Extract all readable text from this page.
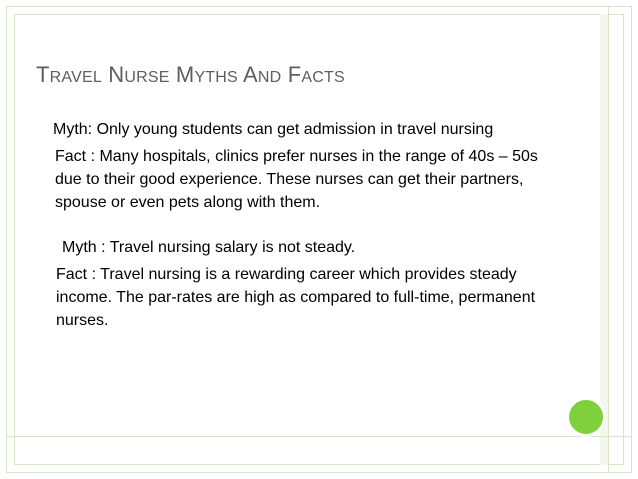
TRAVEL NURSE MYTHS AND FACTS

Myth: Only young students can get admission in travel nursing

Fact : Many hospitals, clinics prefer nurses in the range of 40s – 50s due to their good experience. These nurses can get their partners, spouse or even pets along with them.

Myth : Travel nursing salary is not steady.

Fact : Travel nursing is a rewarding career which provides steady income. The par-rates are high as compared to full-time, permanent nurses.
